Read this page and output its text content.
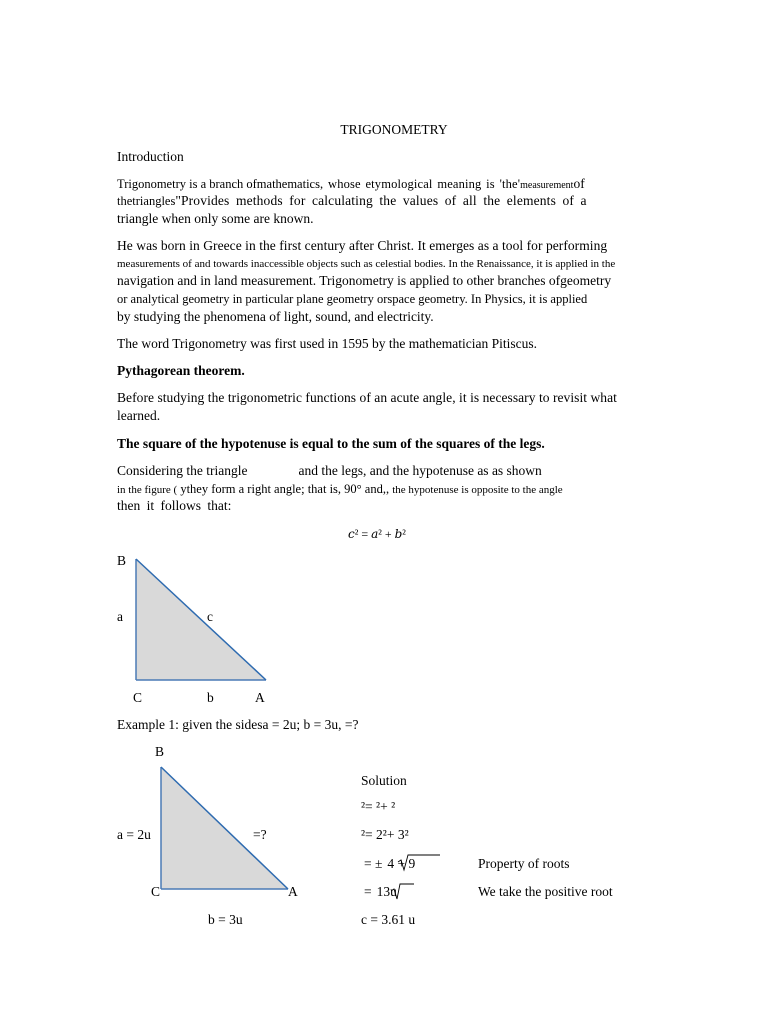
TRIGONOMETRY
Introduction
Trigonometry is a branch ofmathematics, whose etymological meaning is 'the'measurementof
thetriangles"Provides methods for calculating the values of all the elements of a
triangle when only some are known.
He was born in Greece in the first century after Christ. It emerges as a tool for performing
measurements of and towards inaccessible objects such as celestial bodies. In the Renaissance, it is applied in the
navigation and in land measurement. Trigonometry is applied to other branches ofgeometry
or analytical geometry in particular plane geometry orspace geometry. In Physics, it is applied
by studying the phenomena of light, sound, and electricity.
The word Trigonometry was first used in 1595 by the mathematician Pitiscus.
Pythagorean theorem.
Before studying the trigonometric functions of an acute angle, it is necessary to revisit what
learned.
The square of the hypotenuse is equal to the sum of the squares of the legs.
Considering the triangle	and the legs, and the hypotenuse as as shown
in the figure ( ythey form a right angle; that is, 90° and,, the hypotenuse is opposite to the angle
then it follows that:
𝑐² = 𝑎² + 𝑏²
B
a	c
C	b	A
Example 1: given the sidesa = 2u; b = 3u, =?
B
a = 2u	=?
C	A
b = 3u
Solution
²= ²+ ²
²= 2²+ 3²
= ± 4 + 9	Property of roots
= 13u	We take the positive root
c = 3.61 u
